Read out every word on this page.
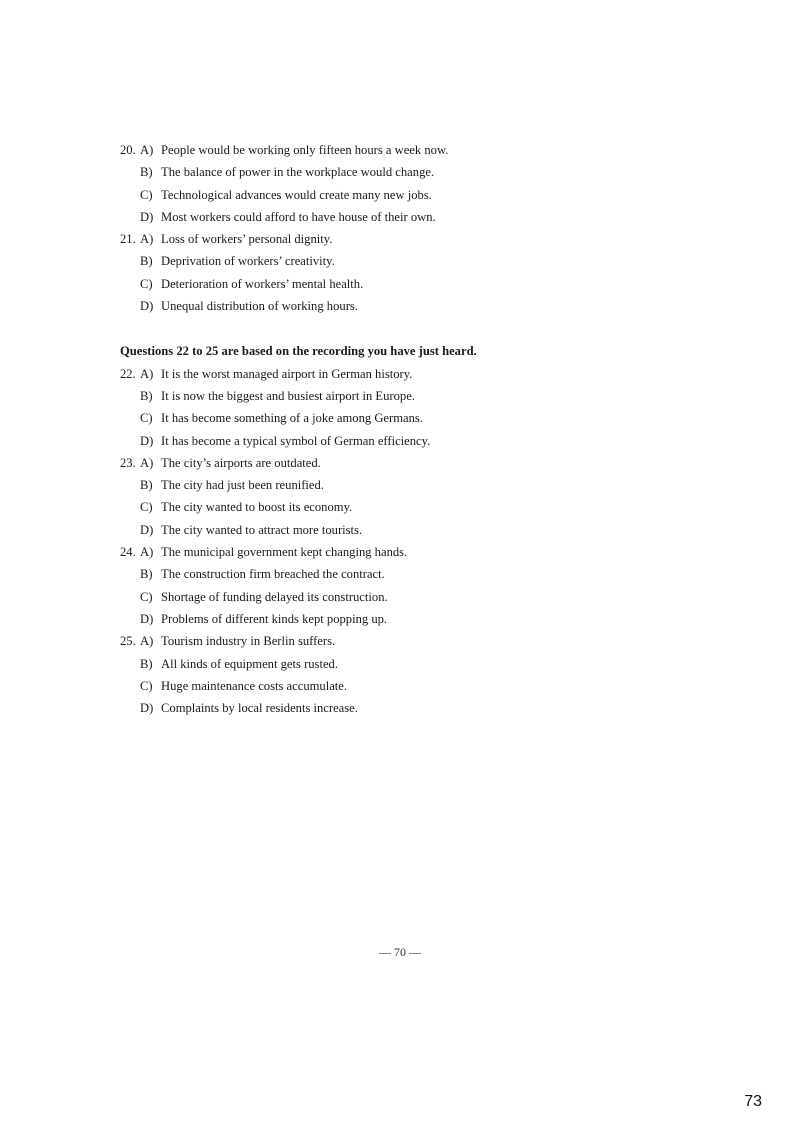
20. A) People would be working only fifteen hours a week now.
B) The balance of power in the workplace would change.
C) Technological advances would create many new jobs.
D) Most workers could afford to have house of their own.
21. A) Loss of workers’ personal dignity.
B) Deprivation of workers’ creativity.
C) Deterioration of workers’ mental health.
D) Unequal distribution of working hours.
Questions 22 to 25 are based on the recording you have just heard.
22. A) It is the worst managed airport in German history.
B) It is now the biggest and busiest airport in Europe.
C) It has become something of a joke among Germans.
D) It has become a typical symbol of German efficiency.
23. A) The city’s airports are outdated.
B) The city had just been reunified.
C) The city wanted to boost its economy.
D) The city wanted to attract more tourists.
24. A) The municipal government kept changing hands.
B) The construction firm breached the contract.
C) Shortage of funding delayed its construction.
D) Problems of different kinds kept popping up.
25. A) Tourism industry in Berlin suffers.
B) All kinds of equipment gets rusted.
C) Huge maintenance costs accumulate.
D) Complaints by local residents increase.
— 70 —
73
